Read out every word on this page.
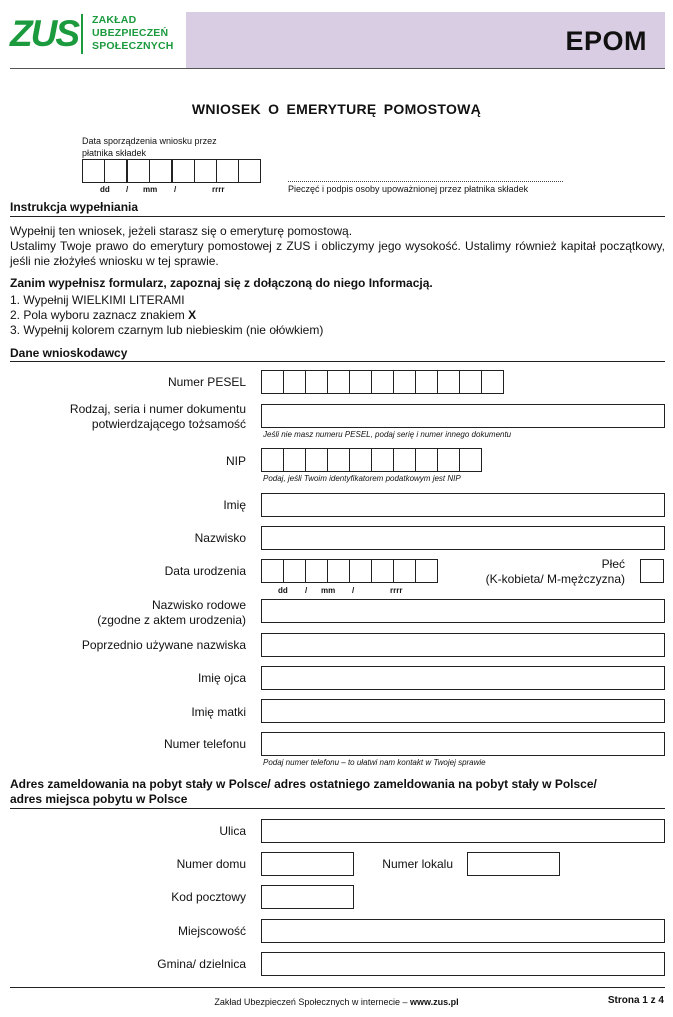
ZUS ZAKŁAD
UBEZPIECZEŃ
SPOŁECZNYCH	EPOM
WNIOSEK O EMERYTURĘ POMOSTOWĄ
Data sporządzenia wniosku przez płatnika składek
dd / mm /	rrrr	Pieczęć i podpis osoby upoważnionej przez płatnika składek
Instrukcja wypełniania

Wypełnij ten wniosek, jeżeli starasz się o emeryturę pomostową.

Ustalimy Twoje prawo do emerytury pomostowej z ZUS i obliczymy jego wysokość. Ustalimy również kapitał początkowy, jeśli nie złożyłeś wniosku w tej sprawie.

Zanim wypełnisz formularz, zapoznaj się z dołączoną do niego Informacją.
1. Wypełnij WIELKIMI LITERAMI
2. Pola wyboru zaznacz znakiem X
3. Wypełnij kolorem czarnym lub niebieskim (nie ołówkiem)
Dane wnioskodawcy
Numer PESEL
Rodzaj, seria i numer dokumentu
potwierdzającego tożsamość
Jeśli nie masz numeru PESEL, podaj serię i numer innego dokumentu
NIP
Podaj, jeśli Twoim identyfikatorem podatkowym jest NIP
Imię
Nazwisko
Data urodzenia
dd / mm /	rrrr
Płeć
(K-kobieta/ M-mężczyzna)
Nazwisko rodowe
(zgodne z aktem urodzenia)
Poprzednio używane nazwiska
Imię ojca
Imię matki
Numer telefonu
Podaj numer telefonu – to ułatwi nam kontakt w Twojej sprawie
Adres zameldowania na pobyt stały w Polsce/ adres ostatniego zameldowania na pobyt stały w Polsce/
adres miejsca pobytu w Polsce
Ulica
Numer domu	Numer lokalu
Kod pocztowy
Miejscowość
Gmina/ dzielnica
Zakład Ubezpieczeń Społecznych w internecie – www.zus.pl	Strona 1 z 4
